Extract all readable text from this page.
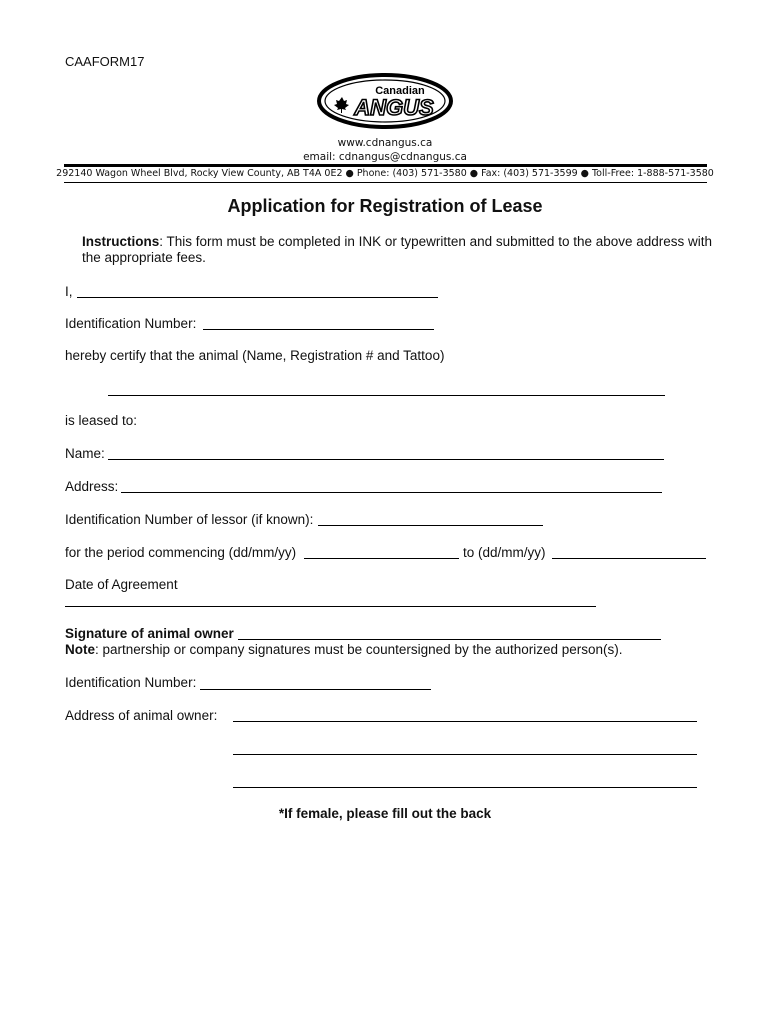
CAAFORM17
Canadian
ANGUS
www.cdnangus.ca
email: cdnangus@cdnangus.ca
292140 Wagon Wheel Blvd, Rocky View County, AB T4A 0E2 ● Phone: (403) 571-3580 ● Fax: (403) 571-3599 ● Toll-Free: 1-888-571-3580
Application for Registration of Lease
Instructions: This form must be completed in INK or typewritten and submitted to the above address with the appropriate fees.
I,
Identification Number:
hereby certify that the animal (Name, Registration # and Tattoo)
is leased to:
Name:
Address:
Identification Number of lessor (if known):
for the period commencing (dd/mm/yy)	to (dd/mm/yy)
Date of Agreement
Signature of animal owner
Note: partnership or company signatures must be countersigned by the authorized person(s).
Identification Number:
Address of animal owner:
*If female, please fill out the back
